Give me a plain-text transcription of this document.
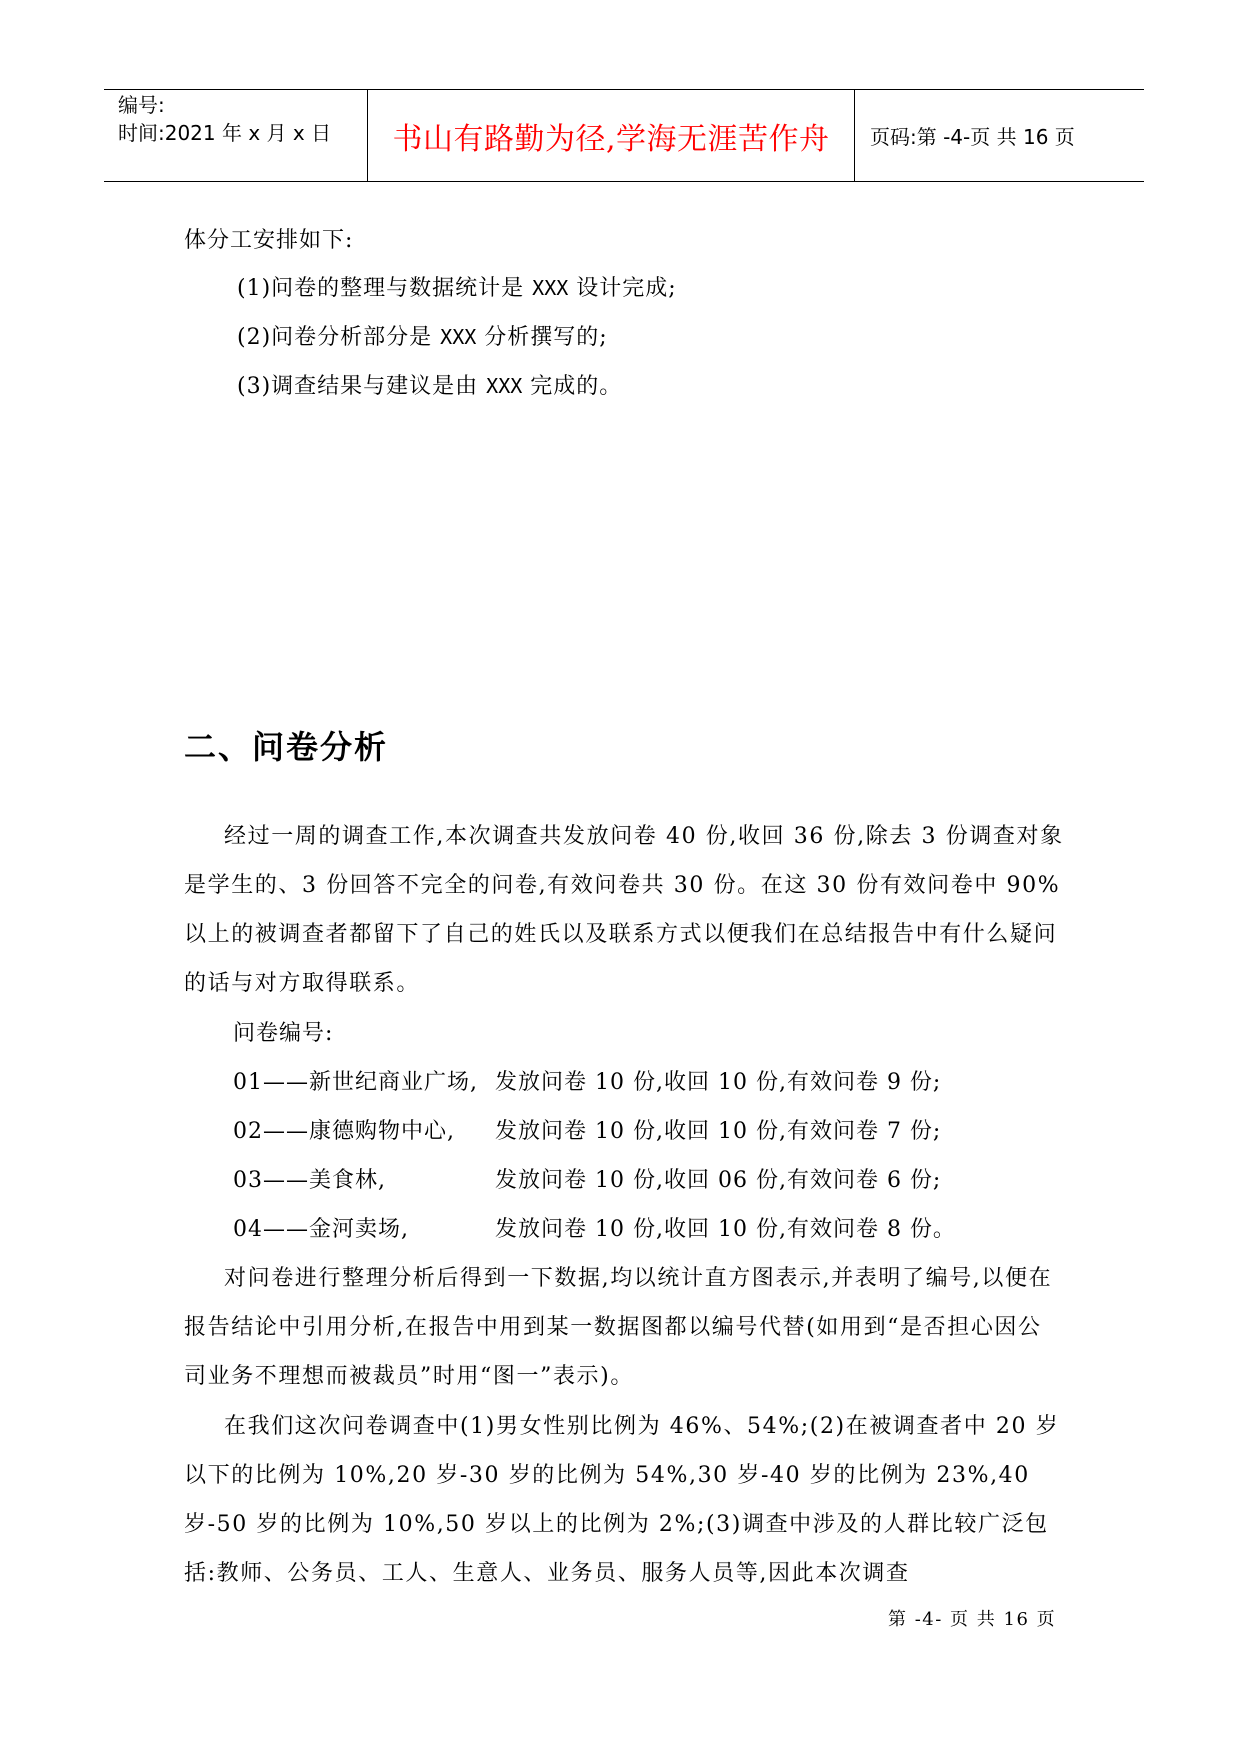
编号:
时间:2021 年 x 月 x 日 书山有路勤为径,学海无涯苦作舟 页码:第 -4-页 共 16 页
体分工安排如下:
(1)问卷的整理与数据统计是 XXX 设计完成;
(2)问卷分析部分是 XXX 分析撰写的;
(3)调查结果与建议是由 XXX 完成的。
二、问卷分析
经过一周的调查工作,本次调查共发放问卷 40 份,收回 36 份,除去 3 份调查对象是学生的、3 份回答不完全的问卷,有效问卷共 30 份。在这 30 份有效问卷中 90%以上的被调查者都留下了自己的姓氏以及联系方式以便我们在总结报告中有什么疑问的话与对方取得联系。
问卷编号:
01——新世纪商业广场, 发放问卷 10 份,收回 10 份,有效问卷 9 份;
02——康德购物中心, 发放问卷 10 份,收回 10 份,有效问卷 7 份;
03——美食林,	发放问卷 10 份,收回 06 份,有效问卷 6 份;
04——金河卖场,	发放问卷 10 份,收回 10 份,有效问卷 8 份。
对问卷进行整理分析后得到一下数据,均以统计直方图表示,并表明了编号,以便在报告结论中引用分析,在报告中用到某一数据图都以编号代替(如用到“是否担心因公司业务不理想而被裁员”时用“图一”表示)。
在我们这次问卷调查中(1)男女性别比例为 46%、54%;(2)在被调查者中 20 岁以下的比例为 10%,20 岁-30 岁的比例为 54%,30 岁-40 岁的比例为 23%,40 岁-50 岁的比例为 10%,50 岁以上的比例为 2%;(3)调查中涉及的人群比较广泛包括:教师、公务员、工人、生意人、业务员、服务人员等,因此本次调查
第 -4- 页 共 16 页
